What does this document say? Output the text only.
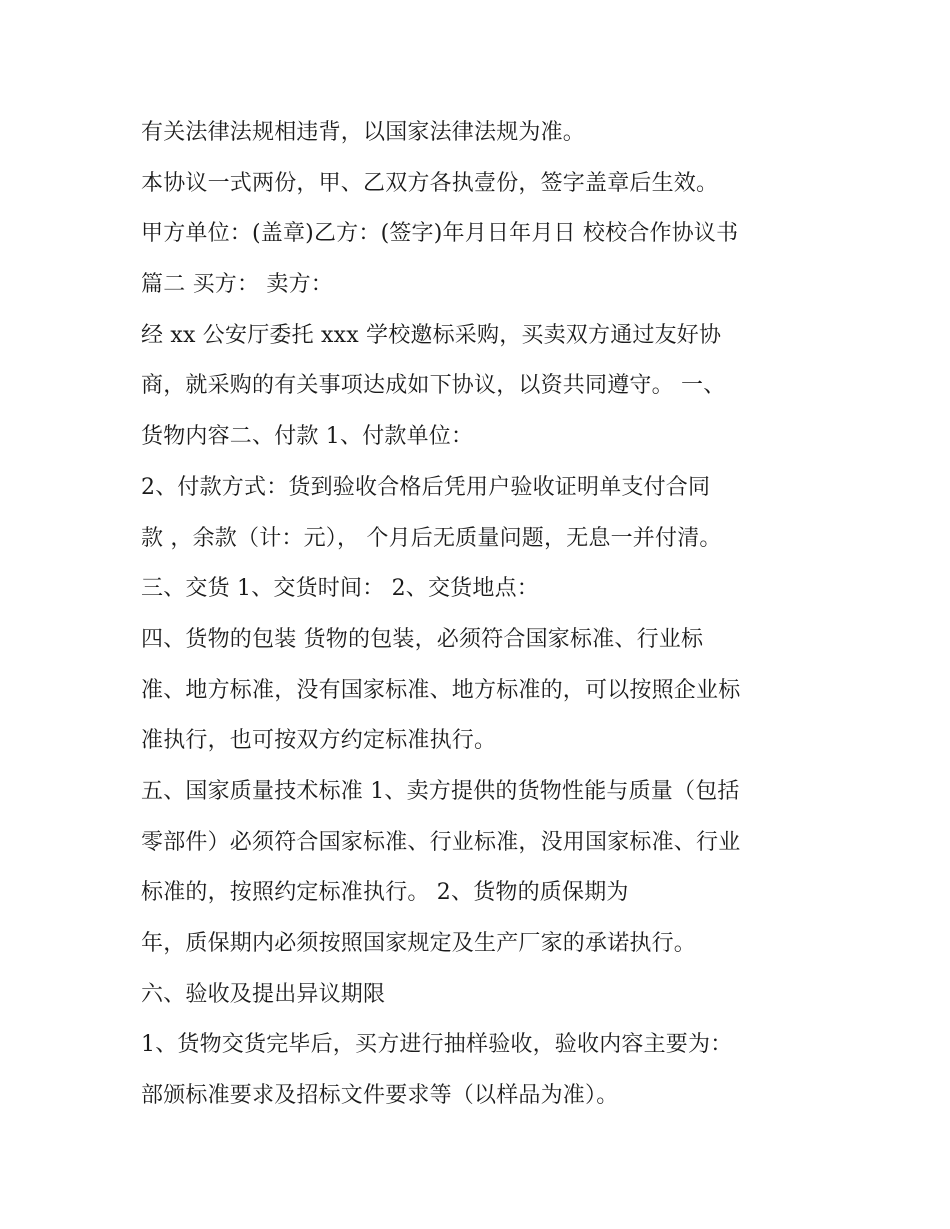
有关法律法规相违背，以国家法律法规为准。
本协议一式两份，甲、乙双方各执壹份，签字盖章后生效。
甲方单位：(盖章)乙方：(签字)年月日年月日 校校合作协议书
篇二 买方： 卖方：
经 xx 公安厅委托 xxx 学校邀标采购，买卖双方通过友好协
商，就采购的有关事项达成如下协议，以资共同遵守。 一、
货物内容二、付款 1、付款单位：
2、付款方式：货到验收合格后凭用户验收证明单支付合同
款 ，余款（计：元）， 个月后无质量问题，无息一并付清。
三、交货 1、交货时间： 2、交货地点：
四、货物的包装 货物的包装，必须符合国家标准、行业标
准、地方标准，没有国家标准、地方标准的，可以按照企业标
准执行，也可按双方约定标准执行。
五、国家质量技术标准 1、卖方提供的货物性能与质量（包括
零部件）必须符合国家标准、行业标准，没用国家标准、行业
标准的，按照约定标准执行。 2、货物的质保期为
年，质保期内必须按照国家规定及生产厂家的承诺执行。
六、验收及提出异议期限
1、货物交货完毕后，买方进行抽样验收，验收内容主要为：
部颁标准要求及招标文件要求等（以样品为准）。
